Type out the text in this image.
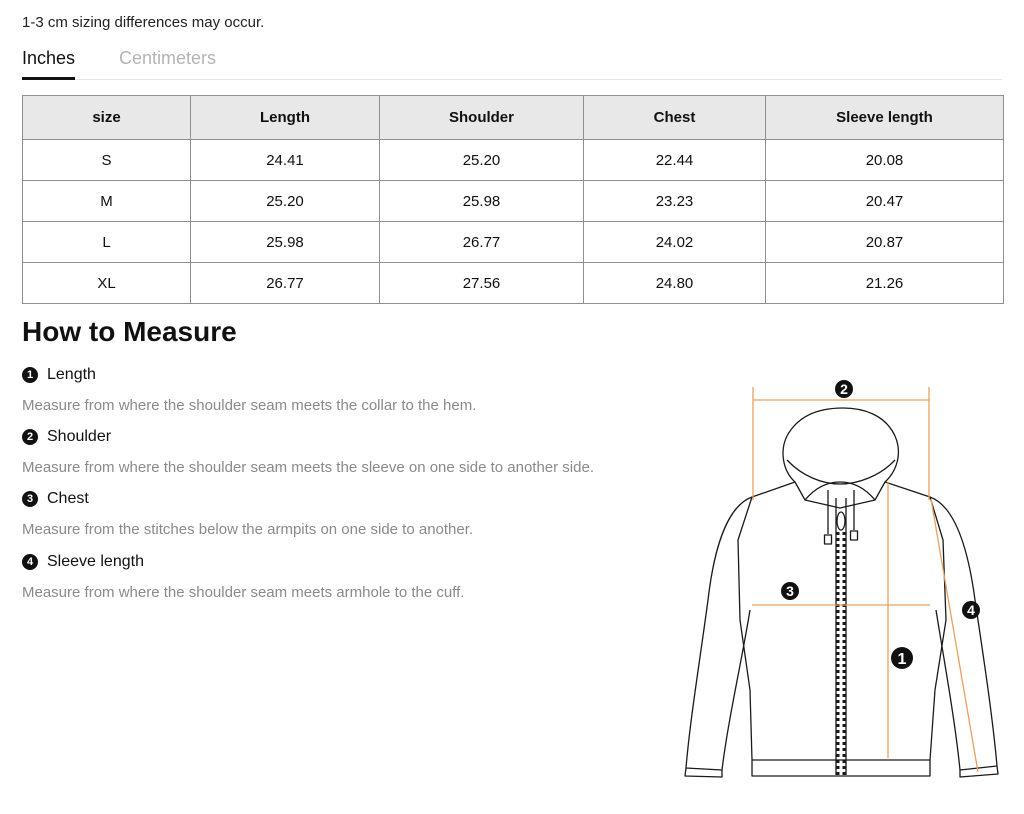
1-3 cm sizing differences may occur.
Inches Centimeters
size	Length	Shoulder	Chest	Sleeve length
S	24.41	25.20	22.44	20.08
M	25.20	25.98	23.23	20.47
L	25.98	26.77	24.02	20.87
XL	26.77	27.56	24.80	21.26
How to Measure
1 Length
Measure from where the shoulder seam meets the collar to the hem.
2 Shoulder
Measure from where the shoulder seam meets the sleeve on one side to another side.
3 Chest
Measure from the stitches below the armpits on one side to another.
4 Sleeve length
Measure from where the shoulder seam meets armhole to the cuff.
2
3
4
1
